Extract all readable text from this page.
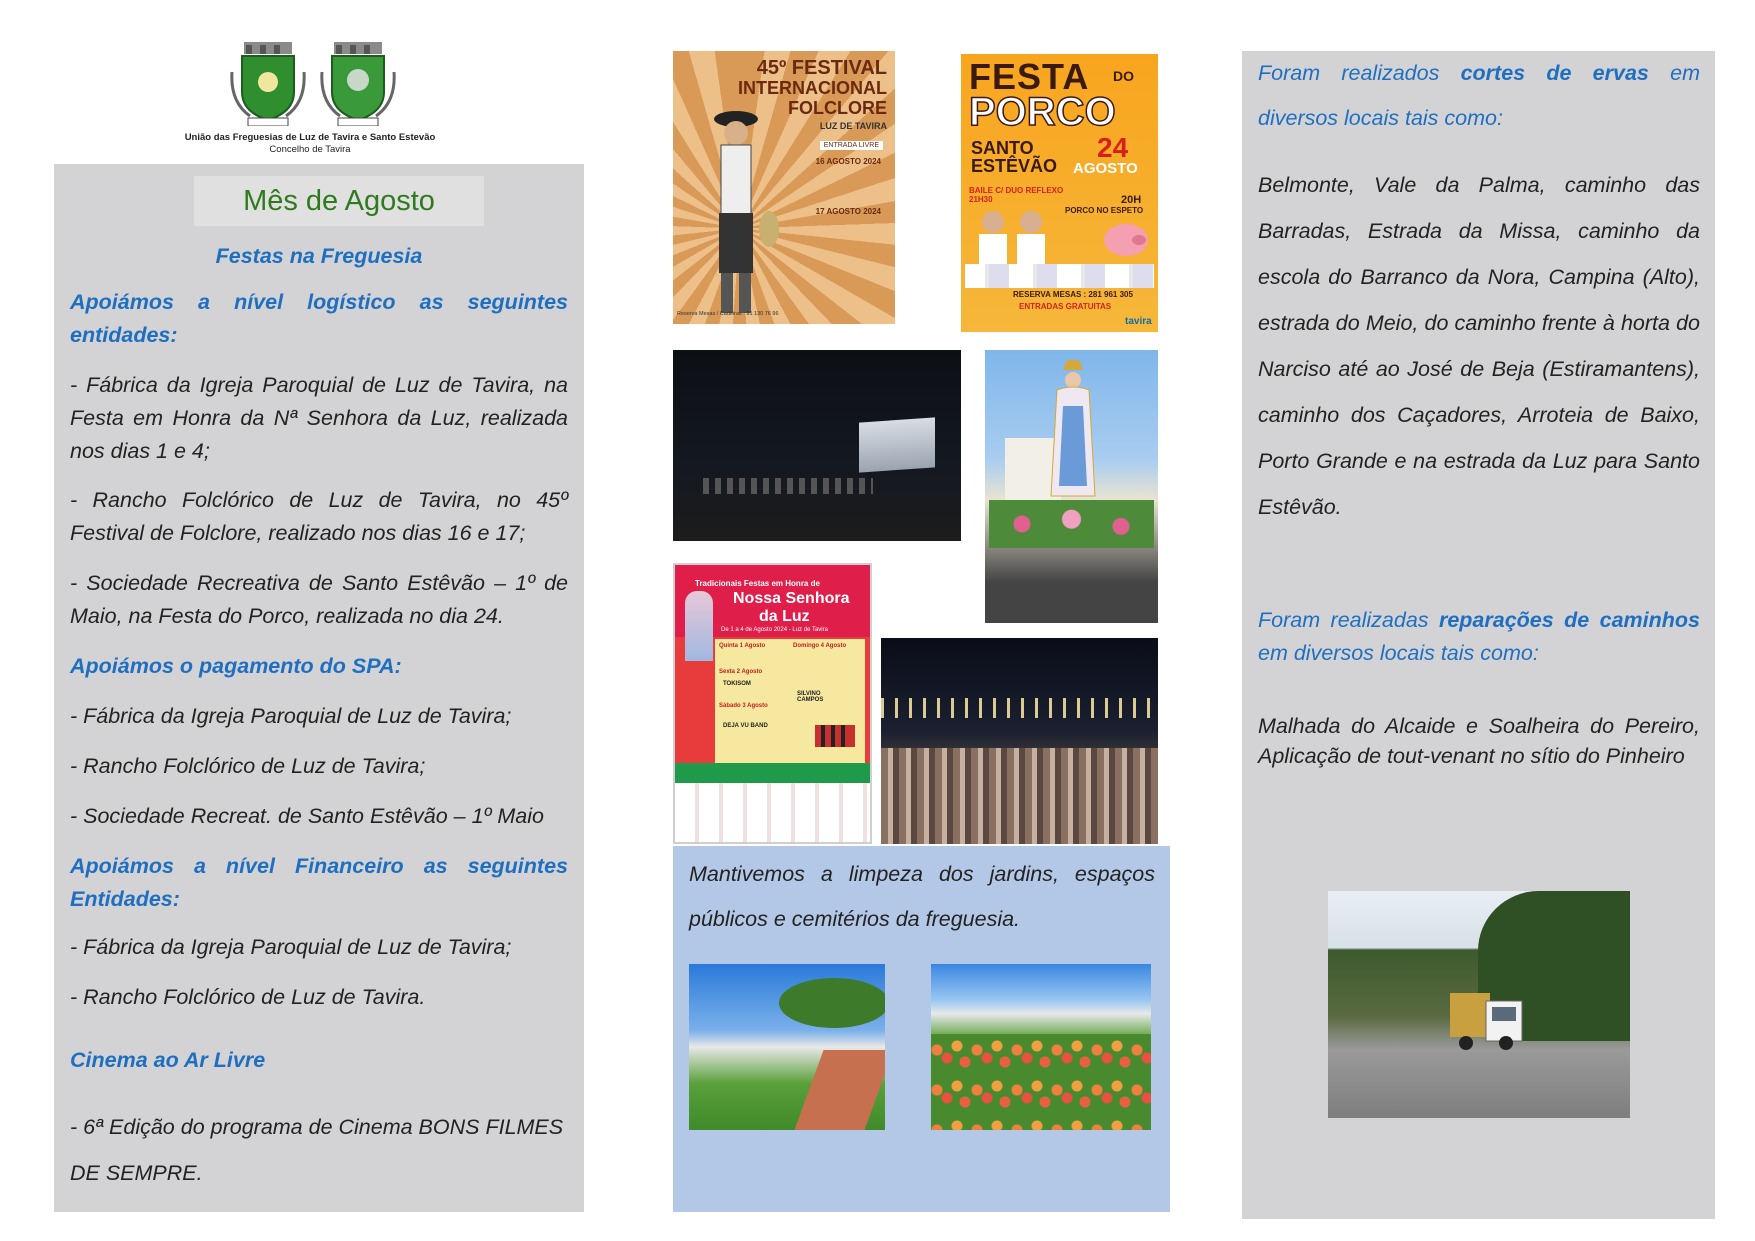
União das Freguesias de Luz de Tavira e Santo Estevão
Concelho de Tavira
Mês de Agosto
Festas na Freguesia
Apoiámos a nível logístico as seguintes entidades:
- Fábrica da Igreja Paroquial de Luz de Tavira, na Festa em Honra da Nª Senhora da Luz, realizada nos dias 1 e 4;
- Rancho Folclórico de Luz de Tavira, no 45º Festival de Folclore, realizado nos dias 16 e 17;
- Sociedade Recreativa de Santo Estêvão – 1º de Maio, na Festa do Porco, realizada no dia 24.
Apoiámos o pagamento do SPA:
- Fábrica da Igreja Paroquial de Luz de Tavira;
- Rancho Folclórico de Luz de Tavira;
- Sociedade Recreat. de Santo Estêvão – 1º Maio
Apoiámos a nível Financeiro as seguintes Entidades:
- Fábrica da Igreja Paroquial de Luz de Tavira;
- Rancho Folclórico de Luz de Tavira.
Cinema ao Ar Livre
- 6ª Edição do programa de Cinema BONS FILMES DE SEMPRE.
45º FESTIVAL
INTERNACIONAL
FOLCLORE
LUZ DE TAVIRA
ENTRADA LIVRE
16 AGOSTO 2024
17 AGOSTO 2024
Reserva Mesas / Cadeiras : 91 130 76 96
FESTA DO
PORCO
SANTO
ESTÊVÃO
24
AGOSTO
BAILE C/ DUO REFLEXO 21H30	20H
PORCO NO ESPETO
RESERVA MESAS : 281 961 305
ENTRADAS GRATUITAS
tavira
Tradicionais Festas em Honra de
Nossa Senhora
da Luz
De 1 a 4 de Agosto 2024 - Luz de Tavira
Quinta 1 Agosto
Sexta 2 Agosto
TOKISOM
Sábado 3 Agosto
DEJA VU BAND
Domingo 4 Agosto
SILVINO CAMPOS
Mantivemos a limpeza dos jardins, espaços públicos e cemitérios da freguesia.
Foram realizados cortes de ervas em diversos locais tais como:
Belmonte, Vale da Palma, caminho das Barradas, Estrada da Missa, caminho da escola do Barranco da Nora, Campina (Alto), estrada do Meio, do caminho frente à horta do Narciso até ao José de Beja (Estiramantens), caminho dos Caçadores, Arroteia de Baixo, Porto Grande e na estrada da Luz para Santo Estêvão.
Foram realizadas reparações de caminhos em diversos locais tais como:
Malhada do Alcaide e Soalheira do Pereiro, Aplicação de tout-venant no sítio do Pinheiro
